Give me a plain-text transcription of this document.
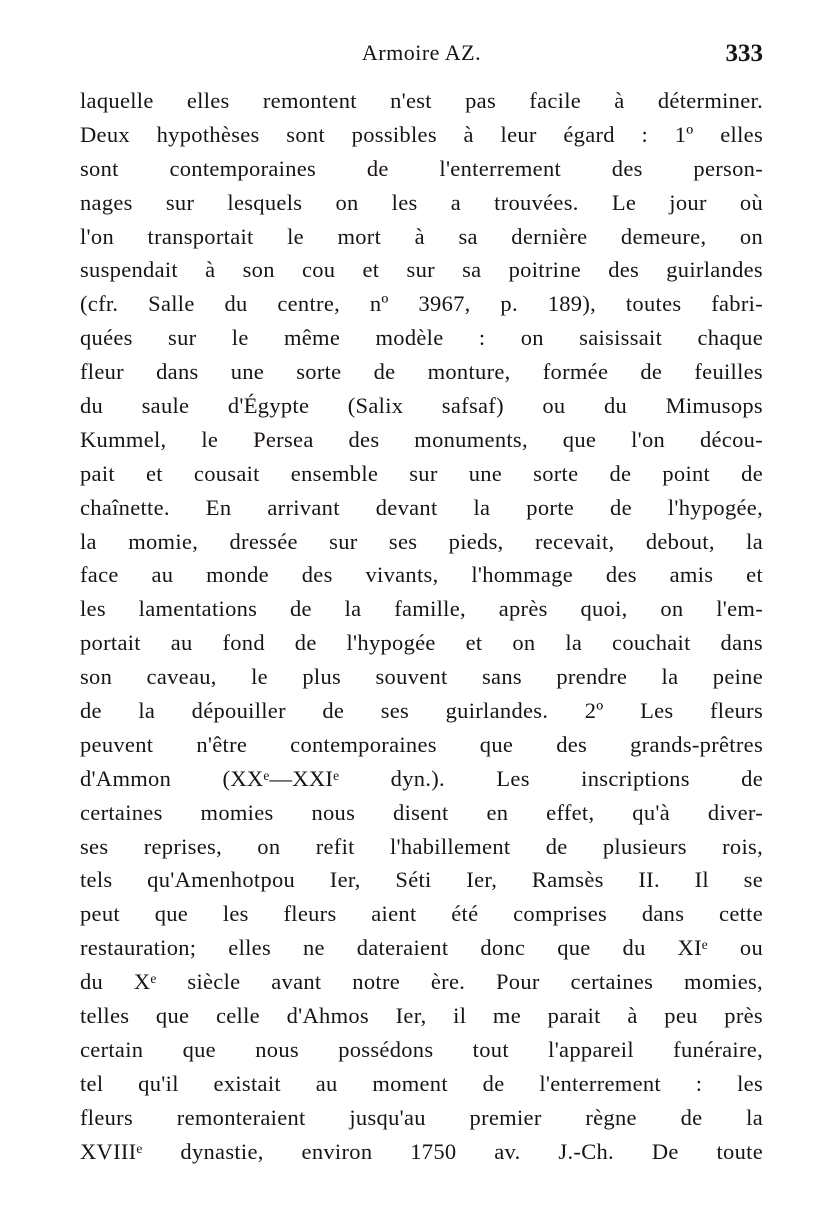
Armoire AZ.	333
laquelle elles remontent n'est pas facile à déterminer.
Deux hypothèses sont possibles à leur égard : 1º elles
sont contemporaines de l'enterrement des person-
nages sur lesquels on les a trouvées. Le jour où
l'on transportait le mort à sa dernière demeure, on
suspendait à son cou et sur sa poitrine des guirlandes
(cfr. Salle du centre, nº 3967, p. 189), toutes fabri-
quées sur le même modèle : on saisissait chaque
fleur dans une sorte de monture, formée de feuilles
du saule d'Égypte (Salix safsaf) ou du Mimusops
Kummel, le Persea des monuments, que l'on décou-
pait et cousait ensemble sur une sorte de point de
chaînette. En arrivant devant la porte de l'hypogée,
la momie, dressée sur ses pieds, recevait, debout, la
face au monde des vivants, l'hommage des amis et
les lamentations de la famille, après quoi, on l'em-
portait au fond de l'hypogée et on la couchait dans
son caveau, le plus souvent sans prendre la peine
de la dépouiller de ses guirlandes. 2º Les fleurs
peuvent n'être contemporaines que des grands-prêtres
d'Ammon (XXᵉ—XXIᵉ dyn.). Les inscriptions de
certaines momies nous disent en effet, qu'à diver-
ses reprises, on refit l'habillement de plusieurs rois,
tels qu'Amenhotpou Ier, Séti Ier, Ramsès II. Il se
peut que les fleurs aient été comprises dans cette
restauration; elles ne dateraient donc que du XIᵉ ou
du Xᵉ siècle avant notre ère. Pour certaines momies,
telles que celle d'Ahmos Ier, il me parait à peu près
certain que nous possédons tout l'appareil funéraire,
tel qu'il existait au moment de l'enterrement : les
fleurs remonteraient jusqu'au premier règne de la
XVIIIᵉ dynastie, environ 1750 av. J.-Ch. De toute
